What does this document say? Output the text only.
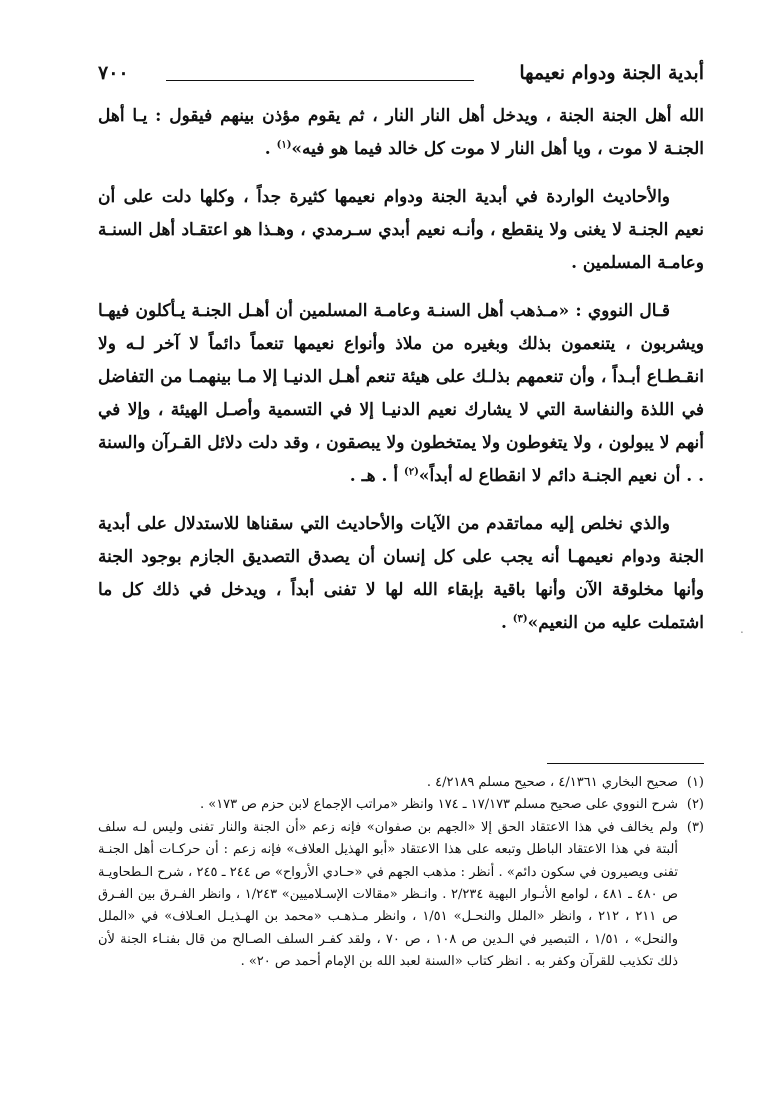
أبدية الجنة ودوام نعيمها
٧٠٠

الله أهل الجنة الجنة ، ويدخل أهل النار النار ، ثم يقوم مؤذن بينهم فيقول : يـا أهل الجنـة لا موت ، ويا أهل النار لا موت كل خالد فيما هو فيه»$^{(١)}$ .

والأحاديث الواردة في أبدية الجنة ودوام نعيمها كثيرة جداً ، وكلها دلت على أن نعيم الجنـة لا يغنى ولا ينقطع ، وأنـه نعيم أبدي سـرمدي ، وهـذا هو اعتقـاد أهل السنـة وعامـة المسلمين .

قـال النووي : «مـذهب أهل السنـة وعامـة المسلمين أن أهـل الجنـة يـأكلون فيهـا ويشربون ، يتنعمون بذلك وبغيره من ملاذ وأنواع نعيمها تنعماً دائماً لا آخر لـه ولا انقـطـاع أبـداً ، وأن تنعمهم بذلـك على هيئة تنعم أهـل الدنيـا إلا مـا بينهمـا من التفاضل في اللذة والنفاسة التي لا يشارك نعيم الدنيـا إلا في التسمية وأصـل الهيئة ، وإلا في أنهم لا يبولون ، ولا يتغوطون ولا يمتخطون ولا يبصقون ، وقد دلت دلائل القـرآن والسنة . . أن نعيم الجنـة دائم لا انقطاع له أبداً»$^{(٢)}$ أ . هـ .

والذي نخلص إليه مماتقدم من الآيات والأحاديث التي سقناها للاستدلال على أبدية الجنة ودوام نعيمهـا أنه يجب على كل إنسان أن يصدق التصديق الجازم بوجود الجنة وأنها مخلوقة الآن وأنها باقية بإبقاء الله لها لا تفنى أبداً ، ويدخل في ذلك كل ما اشتملت عليه من النعيم»$^{(٣)}$ .	.

(١)
صحيح البخاري ٤/١٣٦١ ، صحيح مسلم ٤/٢١٨٩ .

(٢)
شرح النووي على صحيح مسلم ١٧/١٧٣ ـ ١٧٤ وانظر «مراتب الإجماع لابن حزم ص ١٧٣» .

(٣)
ولم يخالف في هذا الاعتقاد الحق إلا «الجهم بن صفوان» فإنه زعم «أن الجنة والنار تفنى وليس لـه سلف ألبتة في هذا الاعتقاد الباطل وتبعه على هذا الاعتقاد «أبو الهذيل العلاف» فإنه زعم : أن حركـات أهل الجنـة تفنى ويصيرون في سكون دائم» . أنظر : مذهب الجهم في «حـادي الأرواح» ص ٢٤٤ ـ ٢٤٥ ، شرح الـطحاويـة ص ٤٨٠ ـ ٤٨١ ، لوامع الأنـوار البهية ٢/٢٣٤ . وانـظر «مقالات الإسـلاميين» ١/٢٤٣ ، وانظر الفـرق بين الفـرق ص ٢١١ ، ٢١٢ ، وانظر «الملل والنحـل» ١/٥١ ، وانظر مـذهـب «محمد بن الهـذيـل العـلاف» في «الملل والنحل» ، ١/٥١ ، التبصير في الـدين ص ١٠٨ ، ص ٧٠ ، ولقد كفـر السلف الصـالح من قال بفنـاء الجنة لأن ذلك تكذيب للقرآن وكفر به . انظر كتاب «السنة لعبد الله بن الإمام أحمد ص ٢٠» .
